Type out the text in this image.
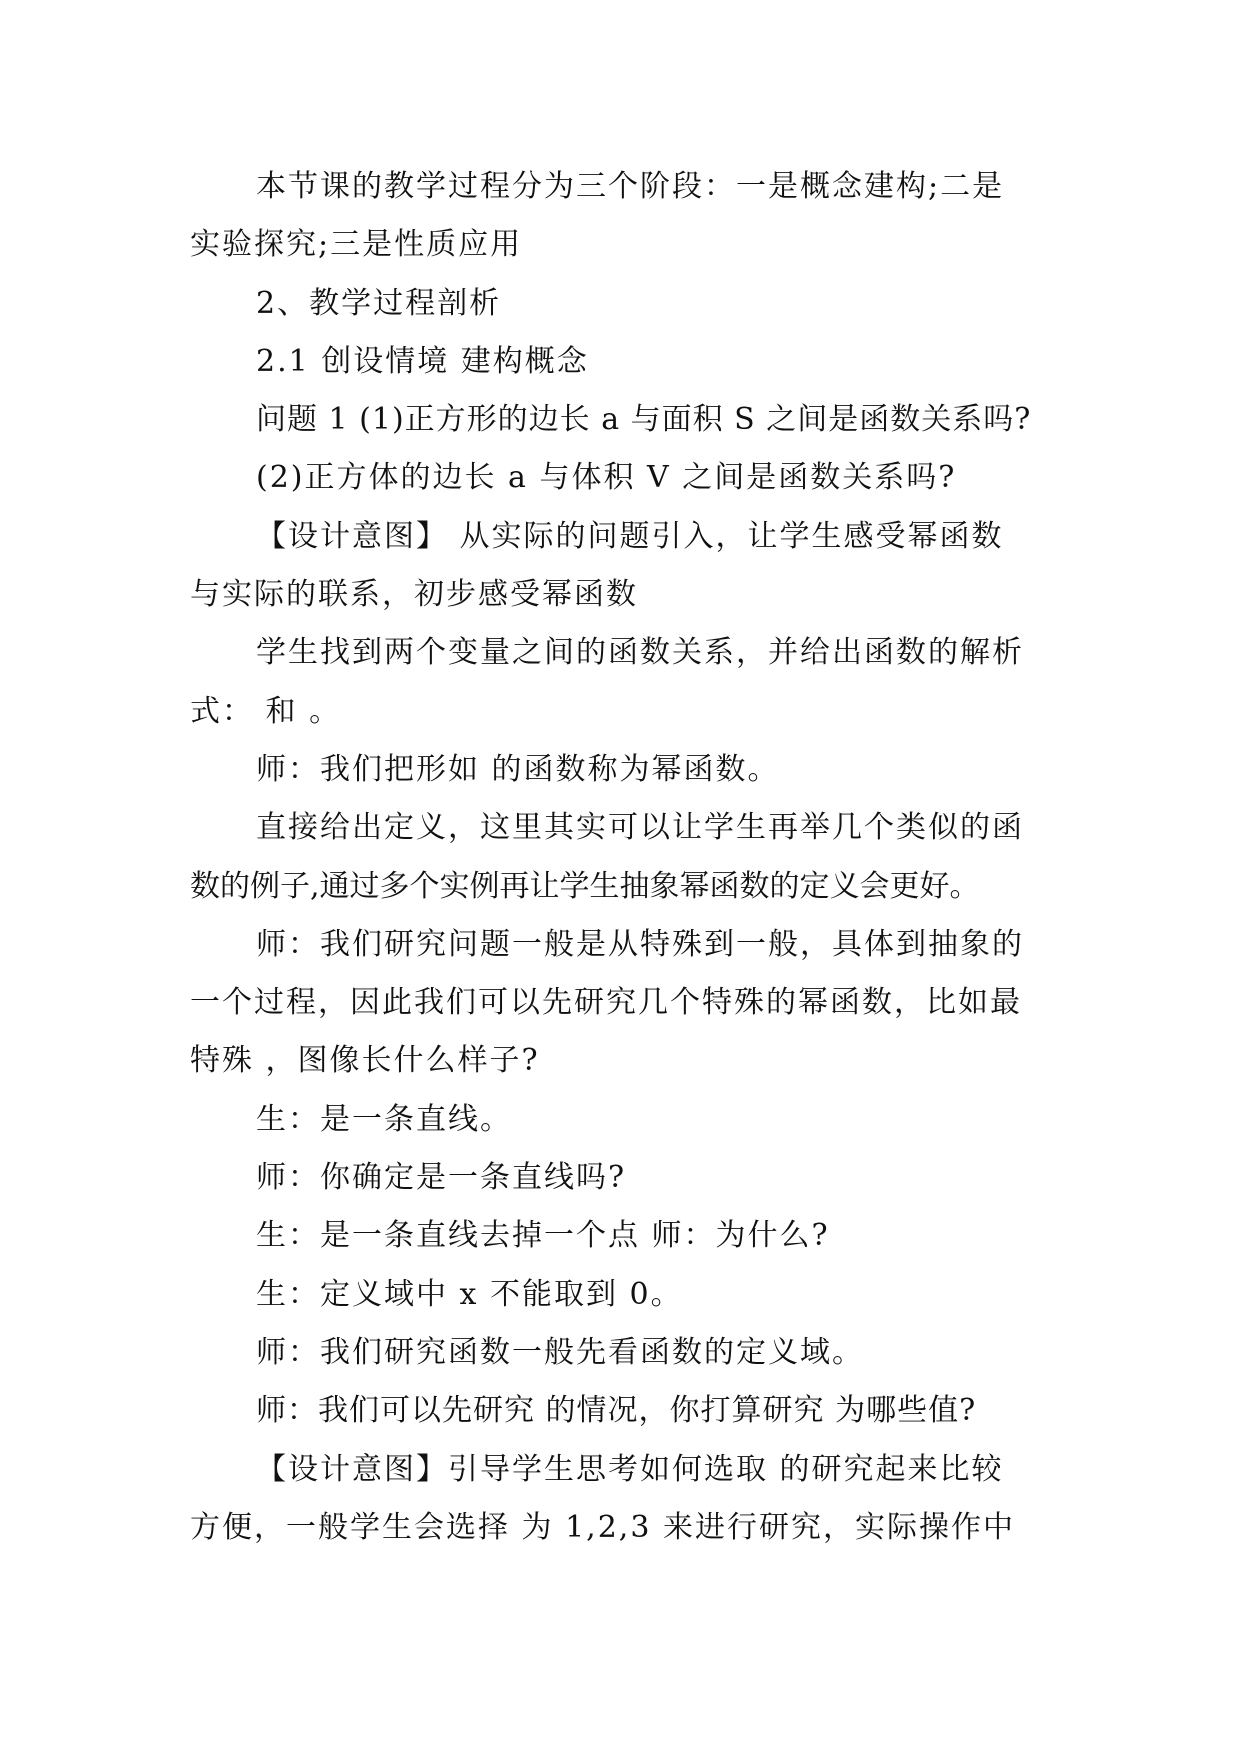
本节课的教学过程分为三个阶段：一是概念建构;二是

实验探究;三是性质应用

2、教学过程剖析

2.1 创设情境 建构概念

问题 1 (1)正方形的边长 a 与面积 S 之间是函数关系吗?

(2)正方体的边长 a 与体积 V 之间是函数关系吗?

【设计意图】 从实际的问题引入，让学生感受幂函数

与实际的联系，初步感受幂函数

学生找到两个变量之间的函数关系，并给出函数的解析

式： 和 。

师：我们把形如 的函数称为幂函数。

直接给出定义，这里其实可以让学生再举几个类似的函

数的例子,通过多个实例再让学生抽象幂函数的定义会更好。

师：我们研究问题一般是从特殊到一般，具体到抽象的

一个过程，因此我们可以先研究几个特殊的幂函数，比如最

特殊 ，图像长什么样子?

生：是一条直线。

师：你确定是一条直线吗?

生：是一条直线去掉一个点 师：为什么?

生：定义域中 x 不能取到 0。

师：我们研究函数一般先看函数的定义域。

师：我们可以先研究 的情况，你打算研究 为哪些值?

【设计意图】引导学生思考如何选取 的研究起来比较

方便，一般学生会选择 为 1,2,3 来进行研究，实际操作中
